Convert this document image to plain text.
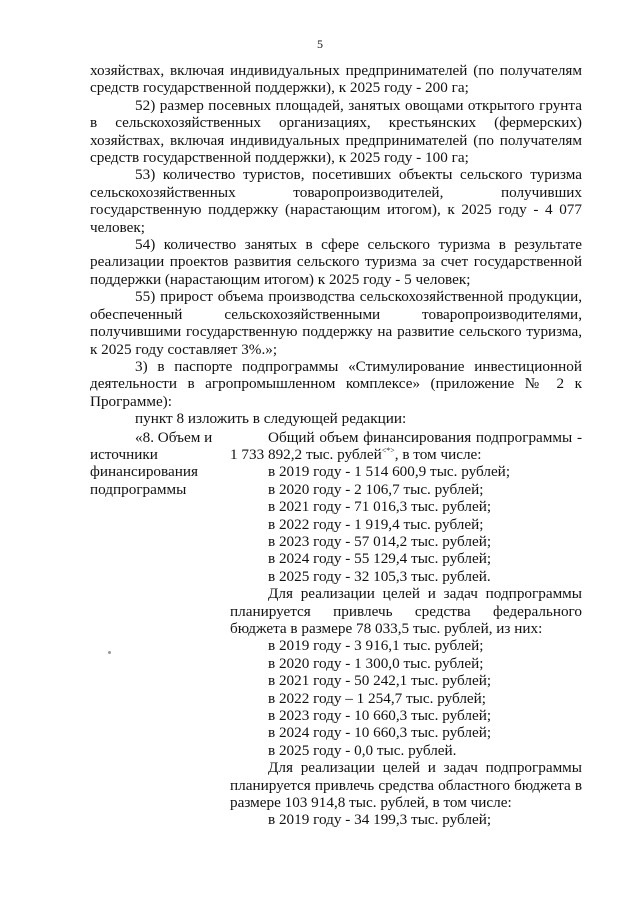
5

хозяйствах, включая индивидуальных предпринимателей (по получателям средств государственной поддержки), к 2025 году - 200 га;

52) размер посевных площадей, занятых овощами открытого грунта в сельскохозяйственных организациях, крестьянских (фермерских) хозяйствах, включая индивидуальных предпринимателей (по получателям средств государственной поддержки), к 2025 году - 100 га;

53) количество туристов, посетивших объекты сельского туризма сельскохозяйственных товаропроизводителей, получивших государственную поддержку (нарастающим итогом), к 2025 году - 4 077 человек;

54) количество занятых в сфере сельского туризма в результате реализации проектов развития сельского туризма за счет государственной поддержки (нарастающим итогом) к 2025 году - 5 человек;

55) прирост объема производства сельскохозяйственной продукции, обеспеченный сельскохозяйственными товаропроизводителями, получившими государственную поддержку на развитие сельского туризма, к 2025 году составляет 3%.»;

3) в паспорте подпрограммы «Стимулирование инвестиционной деятельности в агропромышленном комплексе» (приложение № 2 к Программе):

пункт 8 изложить в следующей редакции:

«8. Объем и
источники
финансирования
подпрограммы

Общий объем финансирования подпрограммы - 1 733 892,2 тыс. рублей<*>, в том числе:

в 2019 году - 1 514 600,9 тыс. рублей;
в 2020 году - 2 106,7 тыс. рублей;
в 2021 году - 71 016,3 тыс. рублей;
в 2022 году - 1 919,4 тыс. рублей;
в 2023 году - 57 014,2 тыс. рублей;
в 2024 году - 55 129,4 тыс. рублей;
в 2025 году - 32 105,3 тыс. рублей.

Для реализации целей и задач подпрограммы планируется привлечь средства федерального бюджета в размере 78 033,5 тыс. рублей, из них:

в 2019 году - 3 916,1 тыс. рублей;
в 2020 году - 1 300,0 тыс. рублей;
в 2021 году - 50 242,1 тыс. рублей;
в 2022 году – 1 254,7 тыс. рублей;
в 2023 году - 10 660,3 тыс. рублей;
в 2024 году - 10 660,3 тыс. рублей;
в 2025 году - 0,0 тыс. рублей.

Для реализации целей и задач подпрограммы планируется привлечь средства областного бюджета в размере 103 914,8 тыс. рублей, в том числе:

в 2019 году - 34 199,3 тыс. рублей;
